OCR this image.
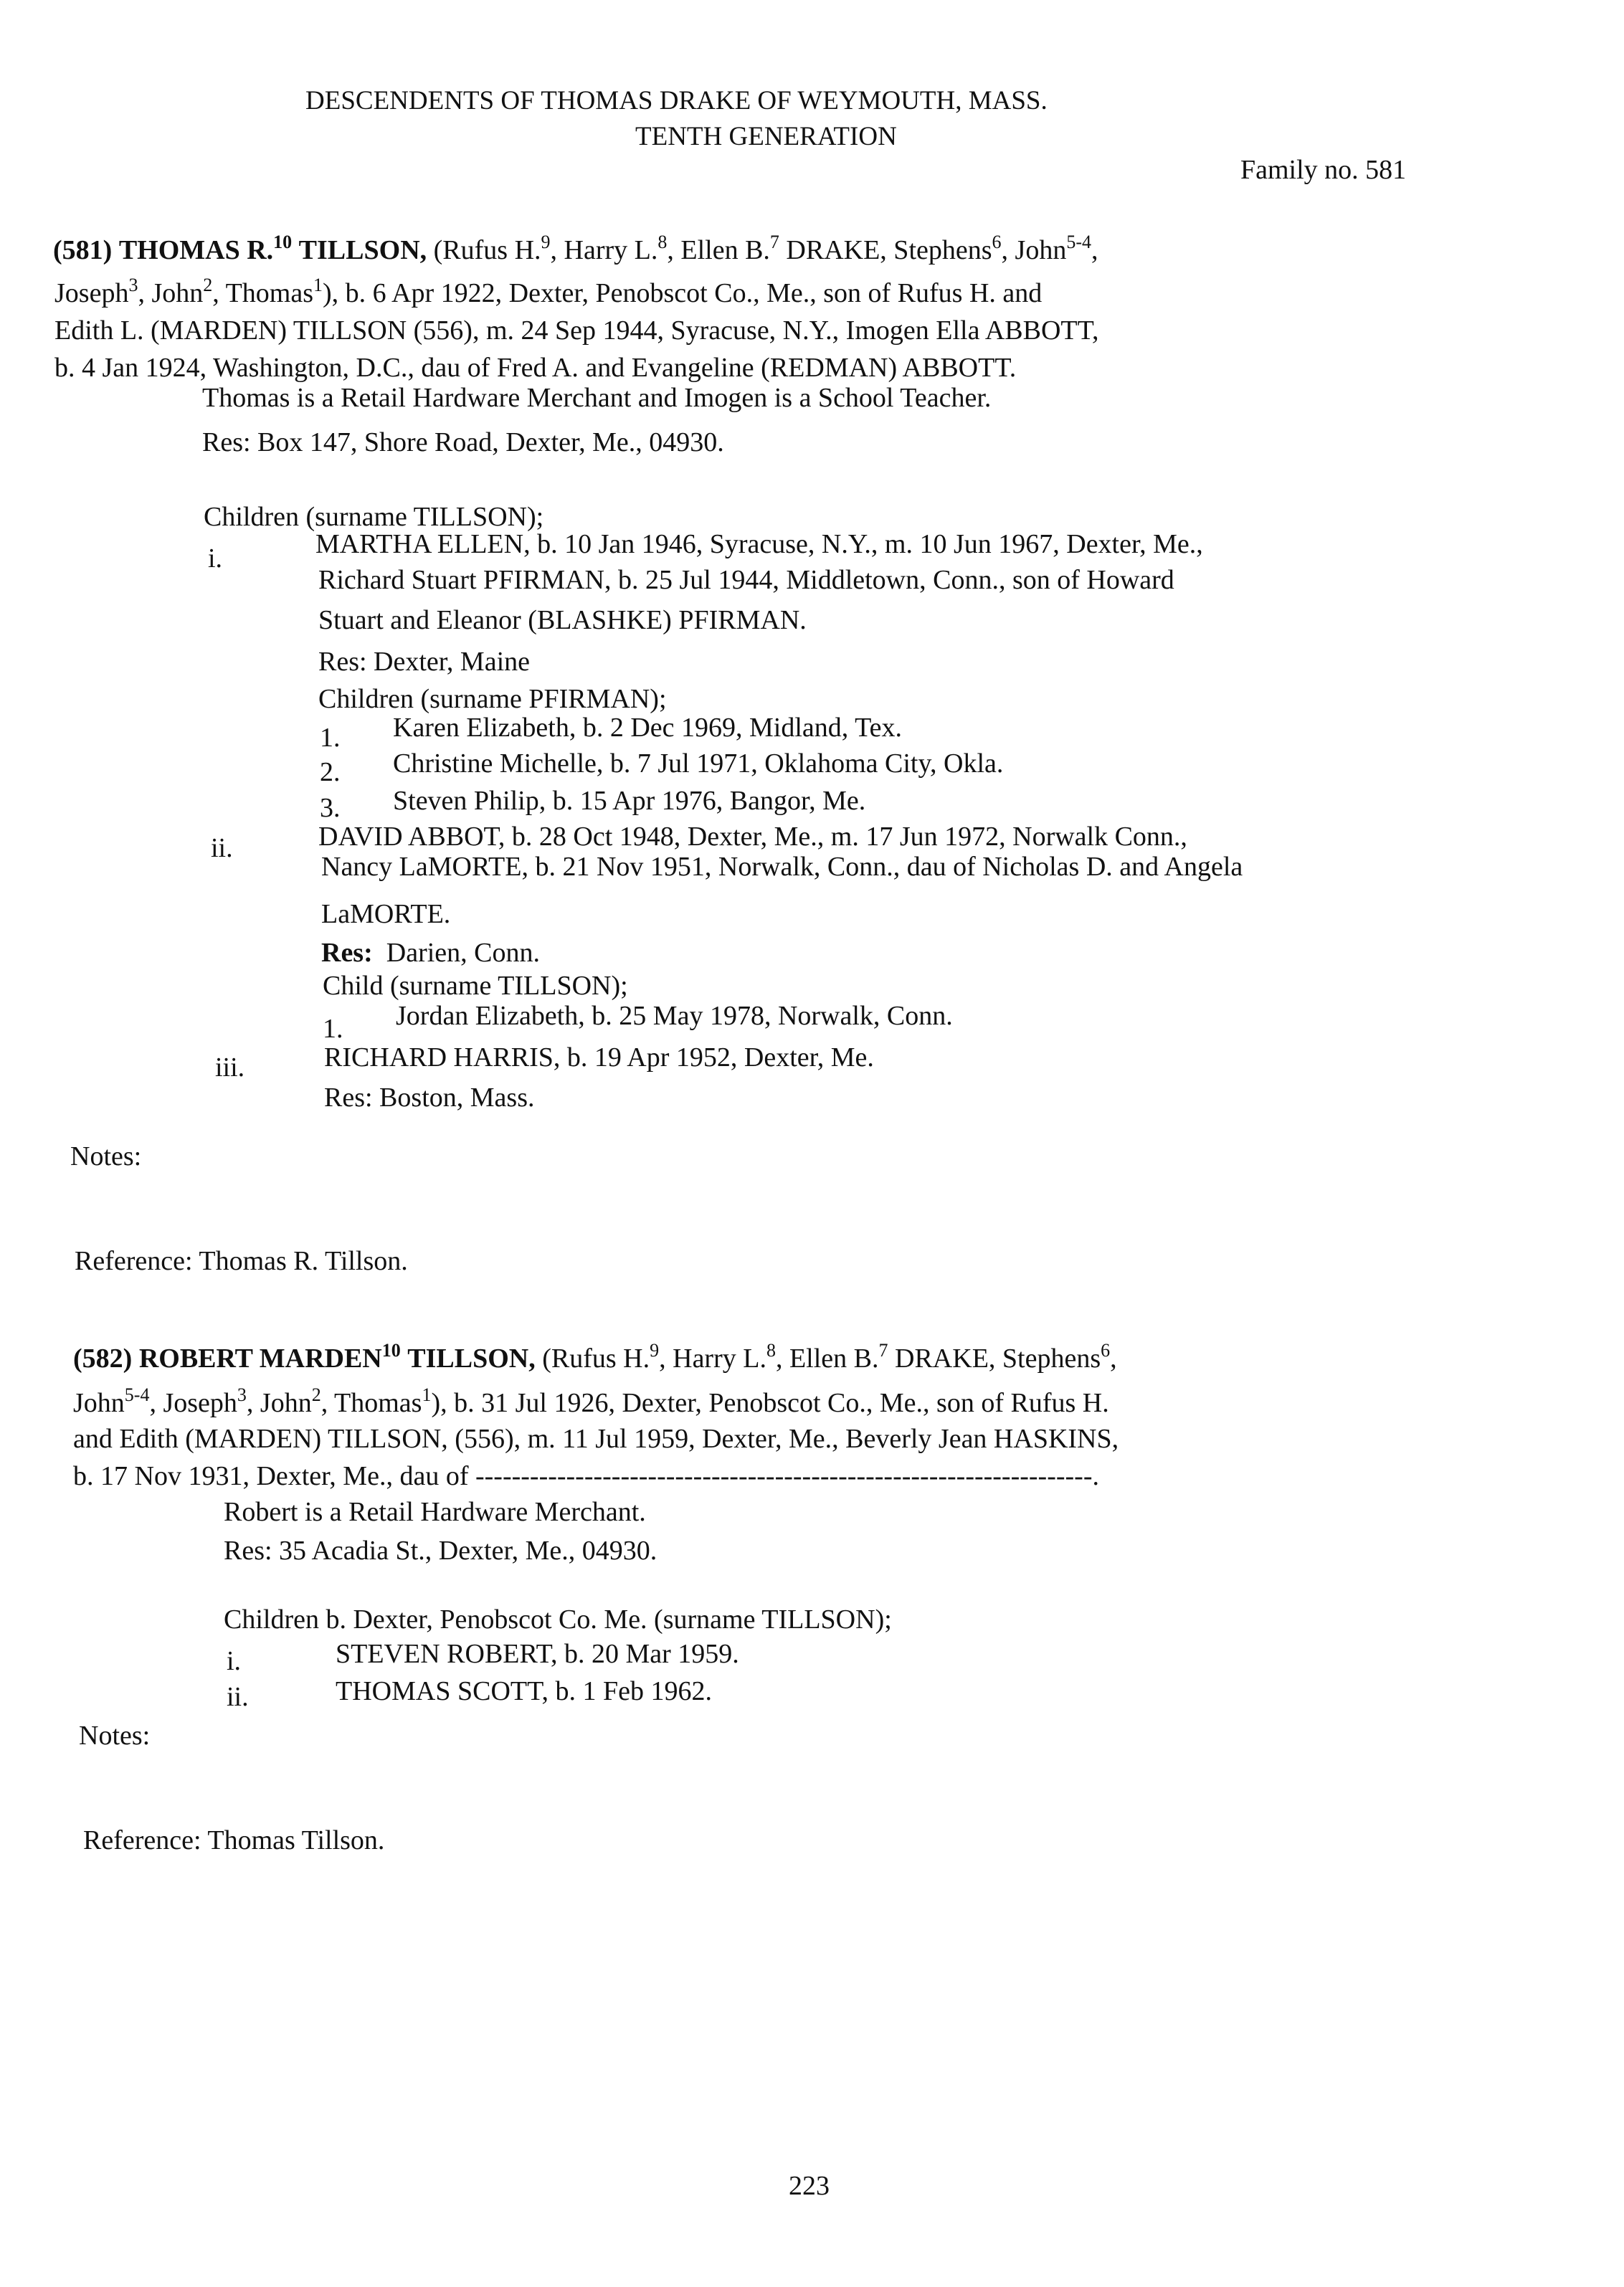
DESCENDENTS OF THOMAS DRAKE OF WEYMOUTH, MASS.
TENTH GENERATION
Family no. 581
(581) THOMAS R.$^{10}$ TILLSON, (Rufus H.$^9$, Harry L.$^8$, Ellen B.$^7$ DRAKE, Stephens$^6$, John$^{5-4}$,
Joseph$^3$, John$^2$, Thomas$^1$), b. 6 Apr 1922, Dexter, Penobscot Co., Me., son of Rufus H. and
Edith L. (MARDEN) TILLSON (556), m. 24 Sep 1944, Syracuse, N.Y., Imogen Ella ABBOTT,
b. 4 Jan 1924, Washington, D.C., dau of Fred A. and Evangeline (REDMAN) ABBOTT.
Thomas is a Retail Hardware Merchant and Imogen is a School Teacher.
Res: Box 147, Shore Road, Dexter, Me., 04930.
Children (surname TILLSON);
i.	MARTHA ELLEN, b. 10 Jan 1946, Syracuse, N.Y., m. 10 Jun 1967, Dexter, Me.,
Richard Stuart PFIRMAN, b. 25 Jul 1944, Middletown, Conn., son of Howard
Stuart and Eleanor (BLASHKE) PFIRMAN.
Res: Dexter, Maine
Children (surname PFIRMAN);
1. Karen Elizabeth, b. 2 Dec 1969, Midland, Tex.
2. Christine Michelle, b. 7 Jul 1971, Oklahoma City, Okla.
3. Steven Philip, b. 15 Apr 1976, Bangor, Me.
ii.	DAVID ABBOT, b. 28 Oct 1948, Dexter, Me., m. 17 Jun 1972, Norwalk Conn.,
Nancy LaMORTE, b. 21 Nov 1951, Norwalk, Conn., dau of Nicholas D. and Angela
LaMORTE.
Res: Darien, Conn.
Child (surname TILLSON);
1. Jordan Elizabeth, b. 25 May 1978, Norwalk, Conn.
iii.	RICHARD HARRIS, b. 19 Apr 1952, Dexter, Me.
Res: Boston, Mass.
Notes:
Reference: Thomas R. Tillson.
(582) ROBERT MARDEN$^{10}$ TILLSON, (Rufus H.$^9$, Harry L.$^8$, Ellen B.$^7$ DRAKE, Stephens$^6$,
John$^{5-4}$, Joseph$^3$, John$^2$, Thomas$^1$), b. 31 Jul 1926, Dexter, Penobscot Co., Me., son of Rufus H.
and Edith (MARDEN) TILLSON, (556), m. 11 Jul 1959, Dexter, Me., Beverly Jean HASKINS,
b. 17 Nov 1931, Dexter, Me., dau of --------------------------------------------------------------------.
Robert is a Retail Hardware Merchant.
Res: 35 Acadia St., Dexter, Me., 04930.
Children b. Dexter, Penobscot Co. Me. (surname TILLSON);
i.	STEVEN ROBERT, b. 20 Mar 1959.
ii.	THOMAS SCOTT, b. 1 Feb 1962.
Notes:
Reference: Thomas Tillson.
223
